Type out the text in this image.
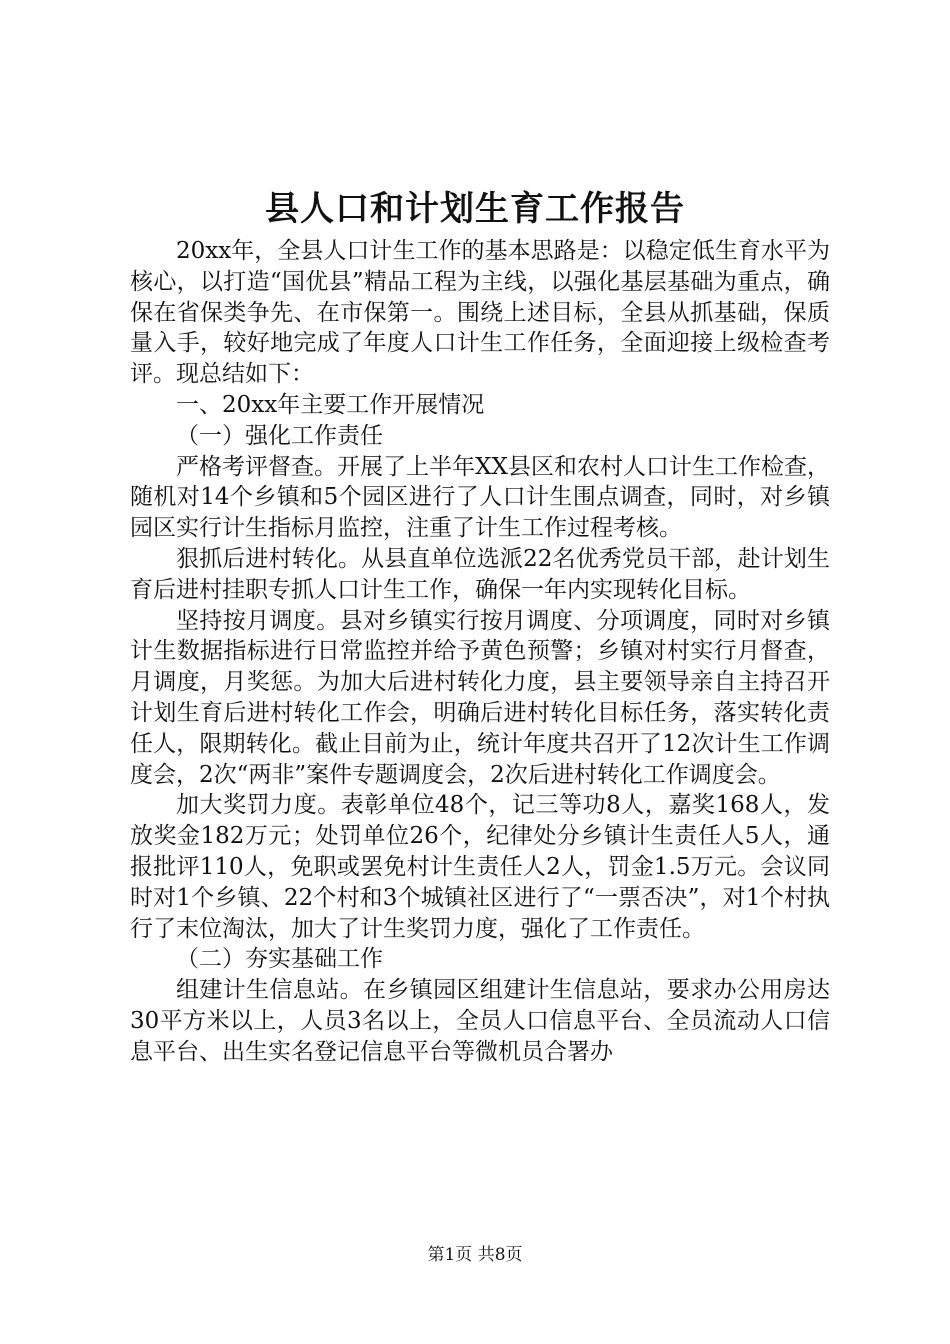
县人口和计划生育工作报告

20xx年，全县人口计生工作的基本思路是：以稳定低生育水平为核心，以打造“国优县”精品工程为主线，以强化基层基础为重点，确保在省保类争先、在市保第一。围绕上述目标，全县从抓基础，保质量入手，较好地完成了年度人口计生工作任务，全面迎接上级检查考评。现总结如下：

一、20xx年主要工作开展情况

（一）强化工作责任

严格考评督查。开展了上半年XX县区和农村人口计生工作检查，随机对14个乡镇和5个园区进行了人口计生围点调查，同时，对乡镇园区实行计生指标月监控，注重了计生工作过程考核。

狠抓后进村转化。从县直单位选派22名优秀党员干部，赴计划生育后进村挂职专抓人口计生工作，确保一年内实现转化目标。

坚持按月调度。县对乡镇实行按月调度、分项调度，同时对乡镇计生数据指标进行日常监控并给予黄色预警；乡镇对村实行月督查，月调度，月奖惩。为加大后进村转化力度，县主要领导亲自主持召开计划生育后进村转化工作会，明确后进村转化目标任务，落实转化责任人，限期转化。截止目前为止，统计年度共召开了12次计生工作调度会，2次“两非”案件专题调度会，2次后进村转化工作调度会。

加大奖罚力度。表彰单位48个，记三等功8人，嘉奖168人，发放奖金182万元；处罚单位26个，纪律处分乡镇计生责任人5人，通报批评110人，免职或罢免村计生责任人2人，罚金1.5万元。会议同时对1个乡镇、22个村和3个城镇社区进行了“一票否决”，对1个村执行了末位淘汰，加大了计生奖罚力度，强化了工作责任。

（二）夯实基础工作

组建计生信息站。在乡镇园区组建计生信息站，要求办公用房达30平方米以上，人员3名以上，全员人口信息平台、全员流动人口信息平台、出生实名登记信息平台等微机员合署办

第1页 共8页
